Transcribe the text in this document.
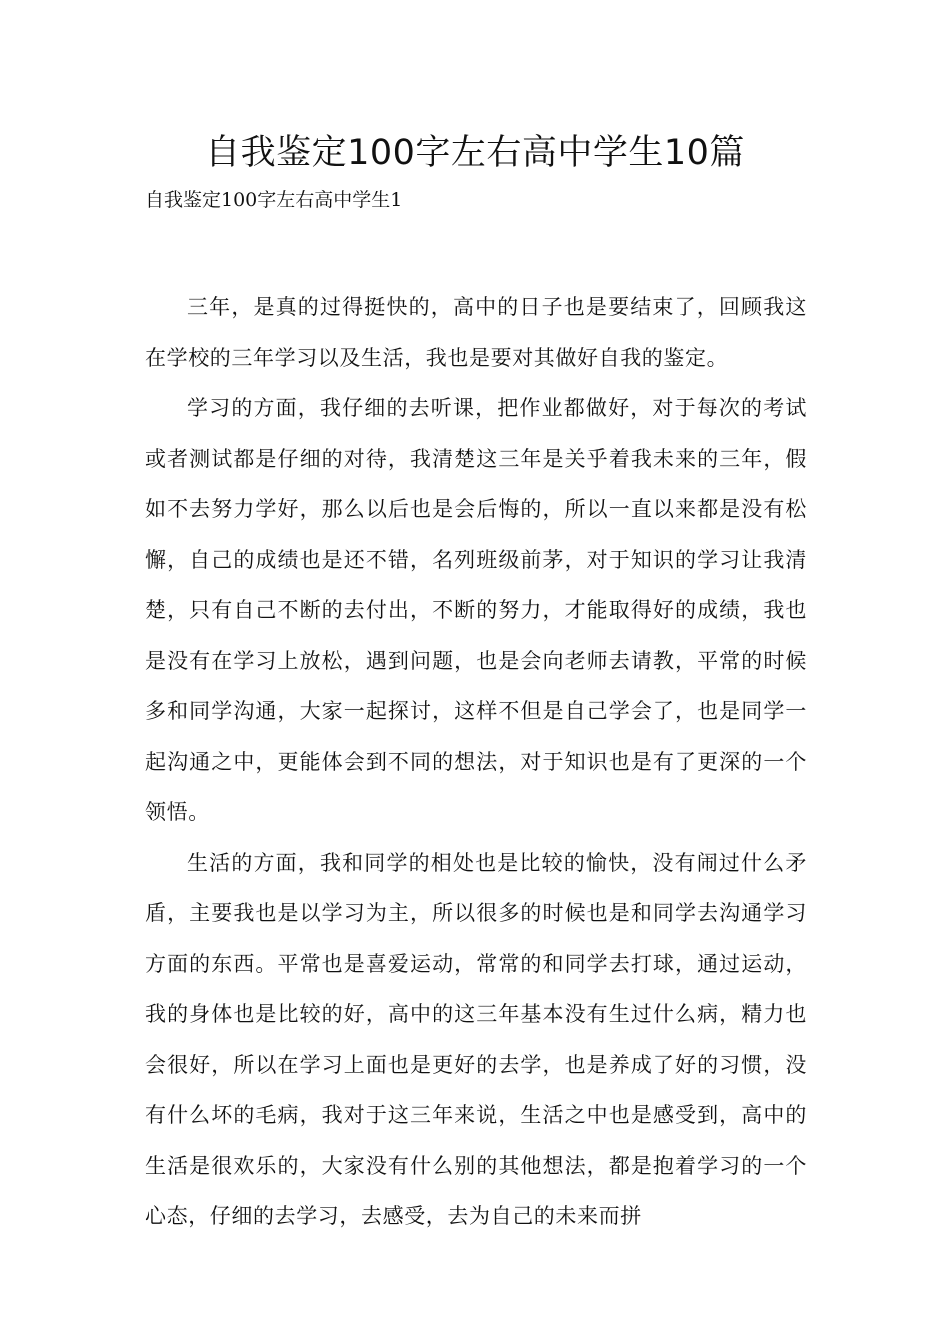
自我鉴定100字左右高中学生10篇
自我鉴定100字左右高中学生1

三年，是真的过得挺快的，高中的日子也是要结束了，回顾我这在学校的三年学习以及生活，我也是要对其做好自我的鉴定。

学习的方面，我仔细的去听课，把作业都做好，对于每次的考试或者测试都是仔细的对待，我清楚这三年是关乎着我未来的三年，假如不去努力学好，那么以后也是会后悔的，所以一直以来都是没有松懈，自己的成绩也是还不错，名列班级前茅，对于知识的学习让我清楚，只有自己不断的去付出，不断的努力，才能取得好的成绩，我也是没有在学习上放松，遇到问题，也是会向老师去请教，平常的时候多和同学沟通，大家一起探讨，这样不但是自己学会了，也是同学一起沟通之中，更能体会到不同的想法，对于知识也是有了更深的一个领悟。

生活的方面，我和同学的相处也是比较的愉快，没有闹过什么矛盾，主要我也是以学习为主，所以很多的时候也是和同学去沟通学习方面的东西。平常也是喜爱运动，常常的和同学去打球，通过运动，我的身体也是比较的好，高中的这三年基本没有生过什么病，精力也会很好，所以在学习上面也是更好的去学，也是养成了好的习惯，没有什么坏的毛病，我对于这三年来说，生活之中也是感受到，高中的生活是很欢乐的，大家没有什么别的其他想法，都是抱着学习的一个心态，仔细的去学习，去感受，去为自己的未来而拼
